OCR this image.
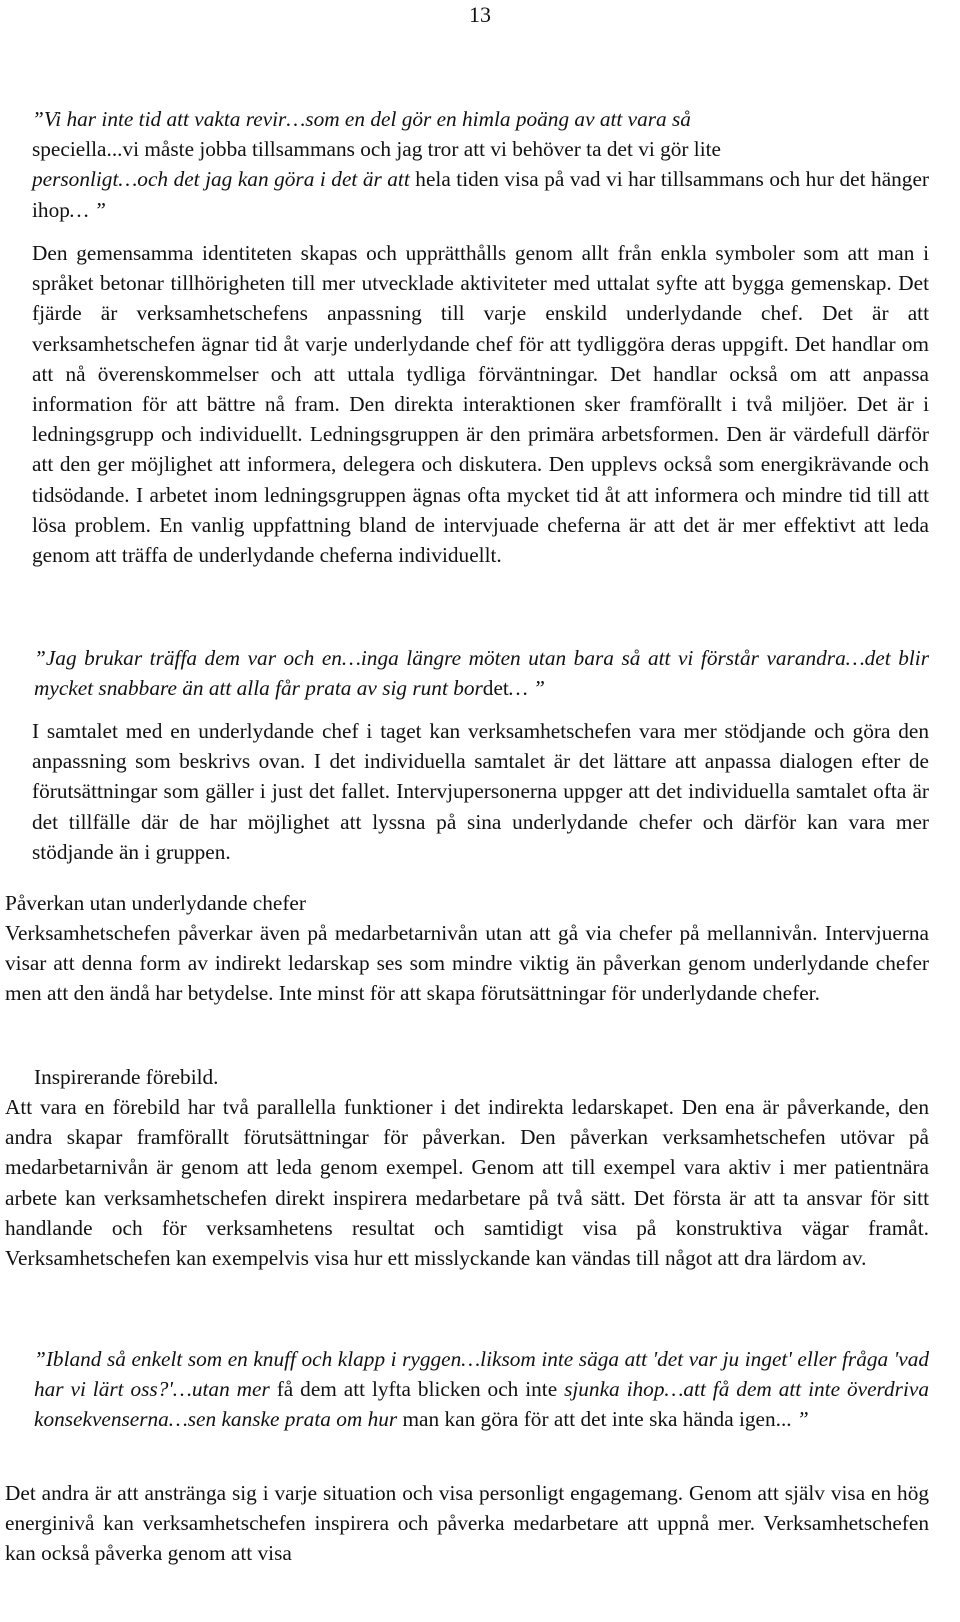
13

”Vi har inte tid att vakta revir…som en del gör en himla poäng av att vara så
speciella...vi måste jobba tillsammans och jag tror att vi behöver ta det vi gör lite
personligt…och det jag kan göra i det är att hela tiden visa på vad vi har tillsammans och hur det hänger ihop… ”

Den gemensamma identiteten skapas och upprätthålls genom allt från enkla symboler som att man i språket betonar tillhörigheten till mer utvecklade aktiviteter med uttalat syfte att bygga gemenskap. Det fjärde är verksamhetschefens anpassning till varje enskild underlydande chef. Det är att verksamhetschefen ägnar tid åt varje underlydande chef för att tydliggöra deras uppgift. Det handlar om att nå överenskommelser och att uttala tydliga förväntningar. Det handlar också om att anpassa information för att bättre nå fram. Den direkta interaktionen sker framförallt i två miljöer. Det är i ledningsgrupp och individuellt. Ledningsgruppen är den primära arbetsformen. Den är värdefull därför att den ger möjlighet att informera, delegera och diskutera. Den upplevs också som energikrävande och tidsödande. I arbetet inom ledningsgruppen ägnas ofta mycket tid åt att informera och mindre tid till att lösa problem. En vanlig uppfattning bland de intervjuade cheferna är att det är mer effektivt att leda genom att träffa de underlydande cheferna individuellt.

”Jag brukar träffa dem var och en…inga längre möten utan bara så att vi förstår varandra…det blir mycket snabbare än att alla får prata av sig runt bordet… ”

I samtalet med en underlydande chef i taget kan verksamhetschefen vara mer stödjande och göra den anpassning som beskrivs ovan. I det individuella samtalet är det lättare att anpassa dialogen efter de förutsättningar som gäller i just det fallet. Intervjupersonerna uppger att det individuella samtalet ofta är det tillfälle där de har möjlighet att lyssna på sina underlydande chefer och därför kan vara mer stödjande än i gruppen.

Påverkan utan underlydande chefer

Verksamhetschefen påverkar även på medarbetarnivån utan att gå via chefer på mellannivån. Intervjuerna visar att denna form av indirekt ledarskap ses som mindre viktig än påverkan genom underlydande chefer men att den ändå har betydelse. Inte minst för att skapa förutsättningar för underlydande chefer.

Inspirerande förebild.

Att vara en förebild har två parallella funktioner i det indirekta ledarskapet. Den ena är påverkande, den andra skapar framförallt förutsättningar för påverkan. Den påverkan verksamhetschefen utövar på medarbetarnivån är genom att leda genom exempel. Genom att till exempel vara aktiv i mer patientnära arbete kan verksamhetschefen direkt inspirera medarbetare på två sätt. Det första är att ta ansvar för sitt handlande och för verksamhetens resultat och samtidigt visa på konstruktiva vägar framåt. Verksamhetschefen kan exempelvis visa hur ett misslyckande kan vändas till något att dra lärdom av.

”Ibland så enkelt som en knuff och klapp i ryggen…liksom inte säga att 'det var ju inget' eller fråga 'vad har vi lärt oss?'…utan mer få dem att lyfta blicken och inte sjunka ihop…att få dem att inte överdriva konsekvenserna…sen kanske prata om hur man kan göra för att det inte ska hända igen... ”

Det andra är att anstränga sig i varje situation och visa personligt engagemang. Genom att själv visa en hög energinivå kan verksamhetschefen inspirera och påverka medarbetare att uppnå mer. Verksamhetschefen kan också påverka genom att visa
